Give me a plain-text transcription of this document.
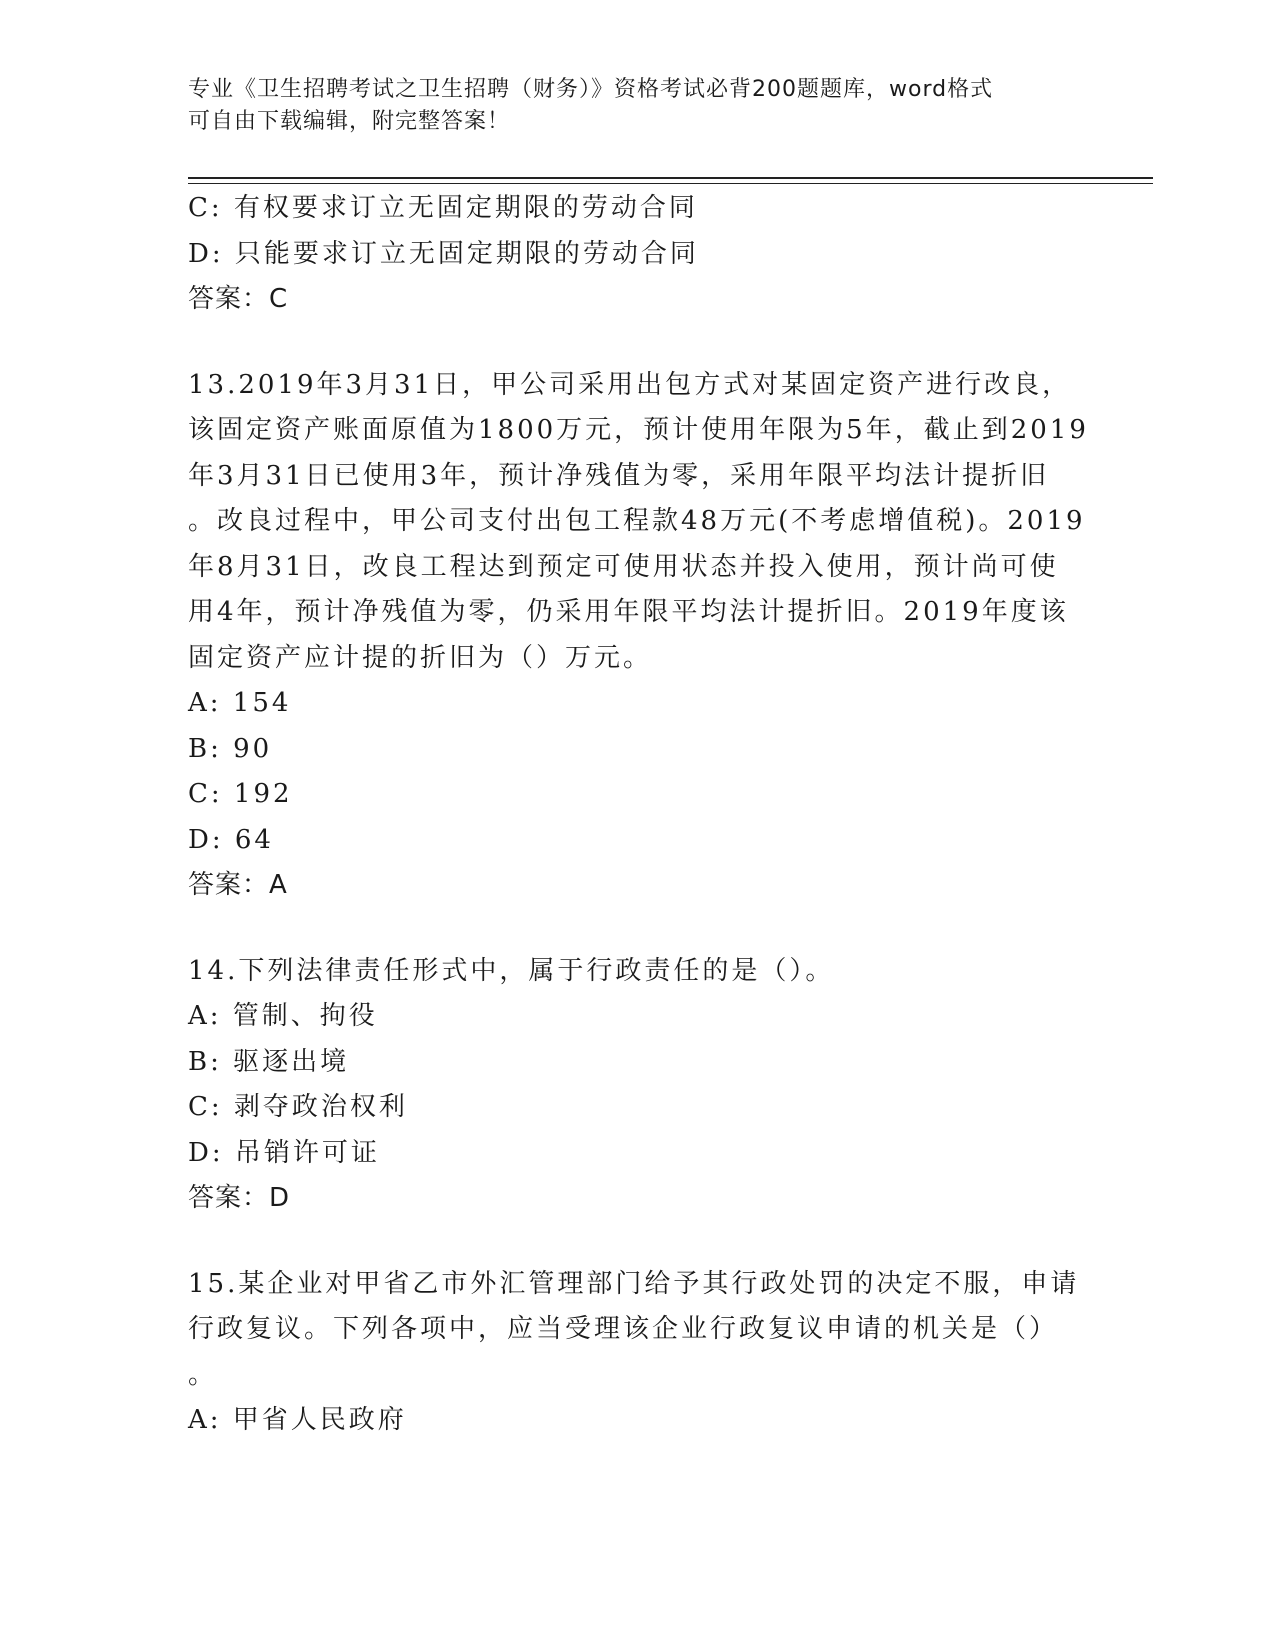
专业《卫生招聘考试之卫生招聘（财务）》资格考试必背200题题库，word格式
可自由下载编辑，附完整答案！
C: 有权要求订立无固定期限的劳动合同
D: 只能要求订立无固定期限的劳动合同
答案：C
13.2019年3月31日，甲公司采用出包方式对某固定资产进行改良，
该固定资产账面原值为1800万元，预计使用年限为5年，截止到2019
年3月31日已使用3年，预计净残值为零，采用年限平均法计提折旧
。改良过程中，甲公司支付出包工程款48万元(不考虑增值税)。2019
年8月31日，改良工程达到预定可使用状态并投入使用，预计尚可使
用4年，预计净残值为零，仍采用年限平均法计提折旧。2019年度该
固定资产应计提的折旧为（）万元。
A: 154
B: 90
C: 192
D: 64
答案：A
14.下列法律责任形式中，属于行政责任的是（）。
A: 管制、拘役
B: 驱逐出境
C: 剥夺政治权利
D: 吊销许可证
答案：D
15.某企业对甲省乙市外汇管理部门给予其行政处罚的决定不服，申请
行政复议。下列各项中，应当受理该企业行政复议申请的机关是（）
。
A: 甲省人民政府
